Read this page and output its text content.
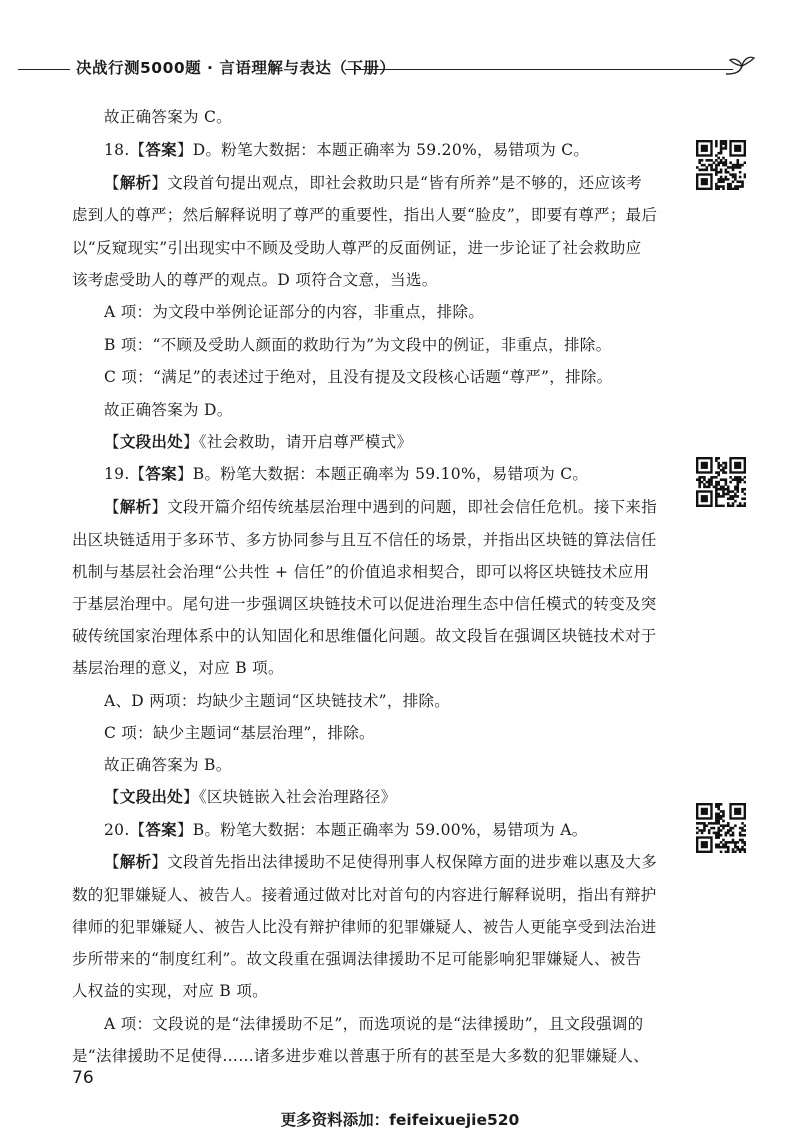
决战行测5000题 · 言语理解与表达（下册）
故正确答案为 C。
18.【答案】D。粉笔大数据：本题正确率为 59.20%，易错项为 C。
【解析】文段首句提出观点，即社会救助只是“皆有所养”是不够的，还应该考
虑到人的尊严；然后解释说明了尊严的重要性，指出人要“脸皮”，即要有尊严；最后
以“反窥现实”引出现实中不顾及受助人尊严的反面例证，进一步论证了社会救助应
该考虑受助人的尊严的观点。D 项符合文意，当选。
A 项：为文段中举例论证部分的内容，非重点，排除。
B 项：“不顾及受助人颜面的救助行为”为文段中的例证，非重点，排除。
C 项：“满足”的表述过于绝对，且没有提及文段核心话题“尊严”，排除。
故正确答案为 D。
【文段出处】《社会救助，请开启尊严模式》
19.【答案】B。粉笔大数据：本题正确率为 59.10%，易错项为 C。
【解析】文段开篇介绍传统基层治理中遇到的问题，即社会信任危机。接下来指
出区块链适用于多环节、多方协同参与且互不信任的场景，并指出区块链的算法信任
机制与基层社会治理“公共性 + 信任”的价值追求相契合，即可以将区块链技术应用
于基层治理中。尾句进一步强调区块链技术可以促进治理生态中信任模式的转变及突
破传统国家治理体系中的认知固化和思维僵化问题。故文段旨在强调区块链技术对于
基层治理的意义，对应 B 项。
A、D 两项：均缺少主题词“区块链技术”，排除。
C 项：缺少主题词“基层治理”，排除。
故正确答案为 B。
【文段出处】《区块链嵌入社会治理路径》
20.【答案】B。粉笔大数据：本题正确率为 59.00%，易错项为 A。
【解析】文段首先指出法律援助不足使得刑事人权保障方面的进步难以惠及大多
数的犯罪嫌疑人、被告人。接着通过做对比对首句的内容进行解释说明，指出有辩护
律师的犯罪嫌疑人、被告人比没有辩护律师的犯罪嫌疑人、被告人更能享受到法治进
步所带来的“制度红利”。故文段重在强调法律援助不足可能影响犯罪嫌疑人、被告
人权益的实现，对应 B 项。
A 项：文段说的是“法律援助不足”，而选项说的是“法律援助”，且文段强调的
是“法律援助不足使得……诸多进步难以普惠于所有的甚至是大多数的犯罪嫌疑人、
76
更多资料添加：feifeixuejie520
